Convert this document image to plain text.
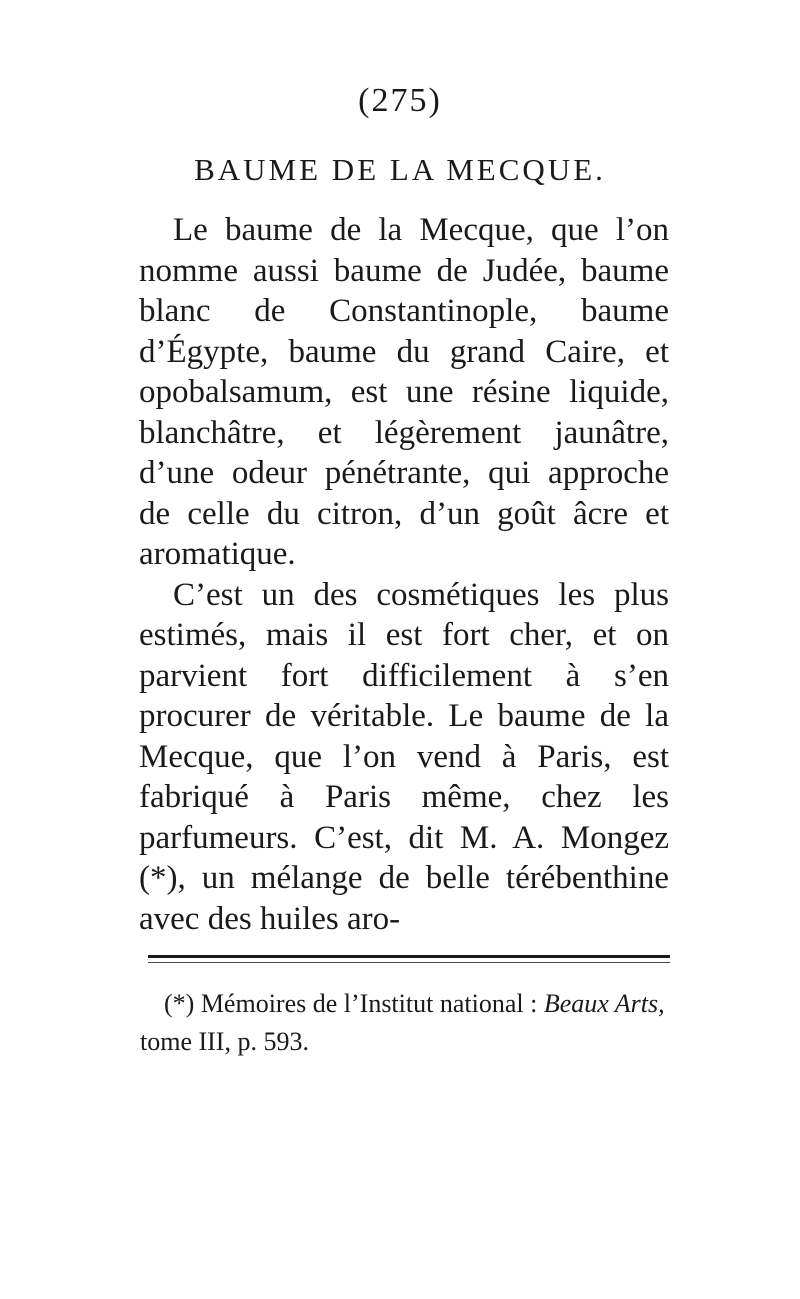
(275)
BAUME DE LA MECQUE.

Le baume de la Mecque, que l’on nomme aussi baume de Judée, baume blanc de Constantinople, baume d’Égypte, baume du grand Caire, et opobalsamum, est une résine liquide, blanchâtre, et légèrement jaunâtre, d’une odeur pénétrante, qui approche de celle du citron, d’un goût âcre et aromatique.

C’est un des cosmétiques les plus estimés, mais il est fort cher, et on parvient fort difficilement à s’en procurer de véritable. Le baume de la Mecque, que l’on vend à Paris, est fabriqué à Paris même, chez les parfumeurs. C’est, dit M. A. Mongez (*), un mélange de belle térébenthine avec des huiles aro-

(*) Mémoires de l’Institut national : Beaux Arts, tome III, p. 593.
